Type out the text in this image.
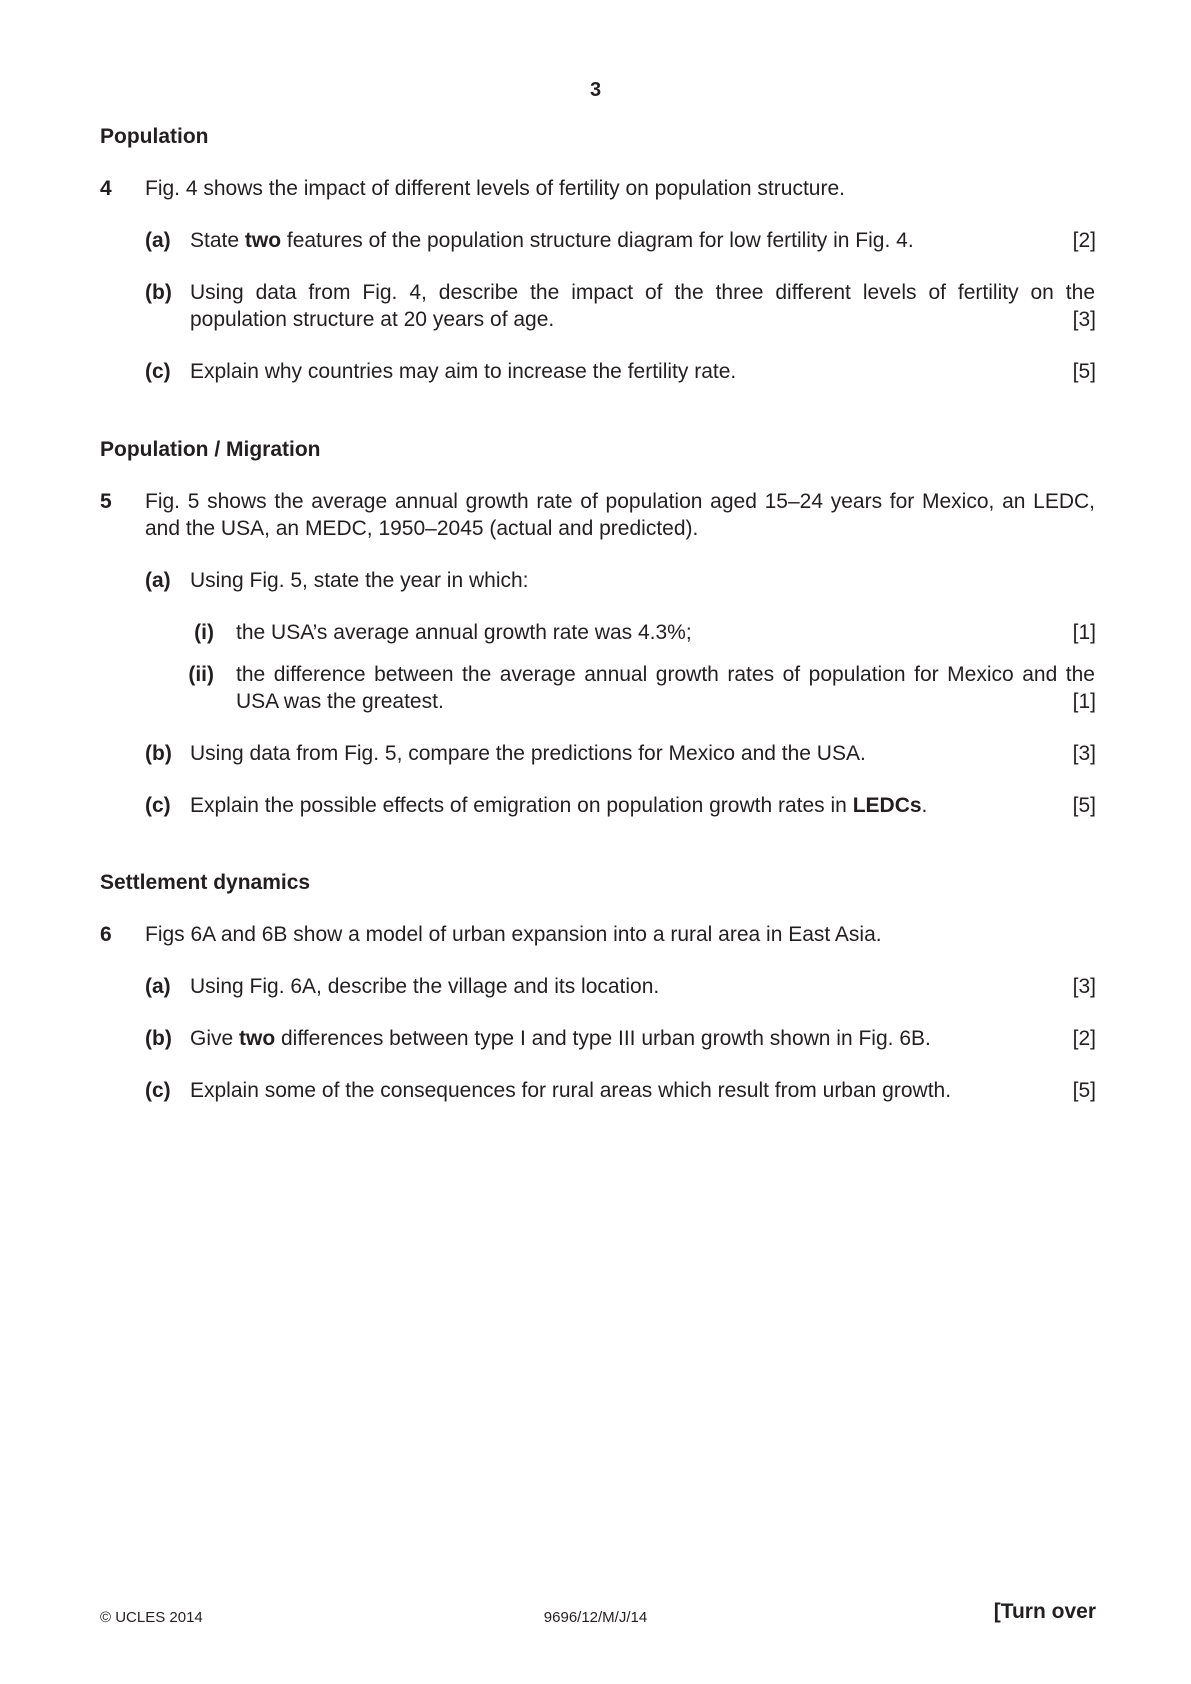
3
Population
4 Fig. 4 shows the impact of different levels of fertility on population structure.
(a) State two features of the population structure diagram for low fertility in Fig. 4.	[2]
(b) Using data from Fig. 4, describe the impact of the three different levels of fertility on the
population structure at 20 years of age.	[3]
(c) Explain why countries may aim to increase the fertility rate.	[5]
Population / Migration
5 Fig. 5 shows the average annual growth rate of population aged 15–24 years for Mexico, an LEDC,
and the USA, an MEDC, 1950–2045 (actual and predicted).
(a) Using Fig. 5, state the year in which:
(i) the USA’s average annual growth rate was 4.3%;	[1]
(ii) the difference between the average annual growth rates of population for Mexico and the
USA was the greatest.	[1]
(b) Using data from Fig. 5, compare the predictions for Mexico and the USA.	[3]
(c) Explain the possible effects of emigration on population growth rates in LEDCs.	[5]
Settlement dynamics
6 Figs 6A and 6B show a model of urban expansion into a rural area in East Asia.
(a) Using Fig. 6A, describe the village and its location.	[3]
(b) Give two differences between type I and type III urban growth shown in Fig. 6B.	[2]
(c) Explain some of the consequences for rural areas which result from urban growth.	[5]
© UCLES 2014	9696/12/M/J/14	[Turn over
